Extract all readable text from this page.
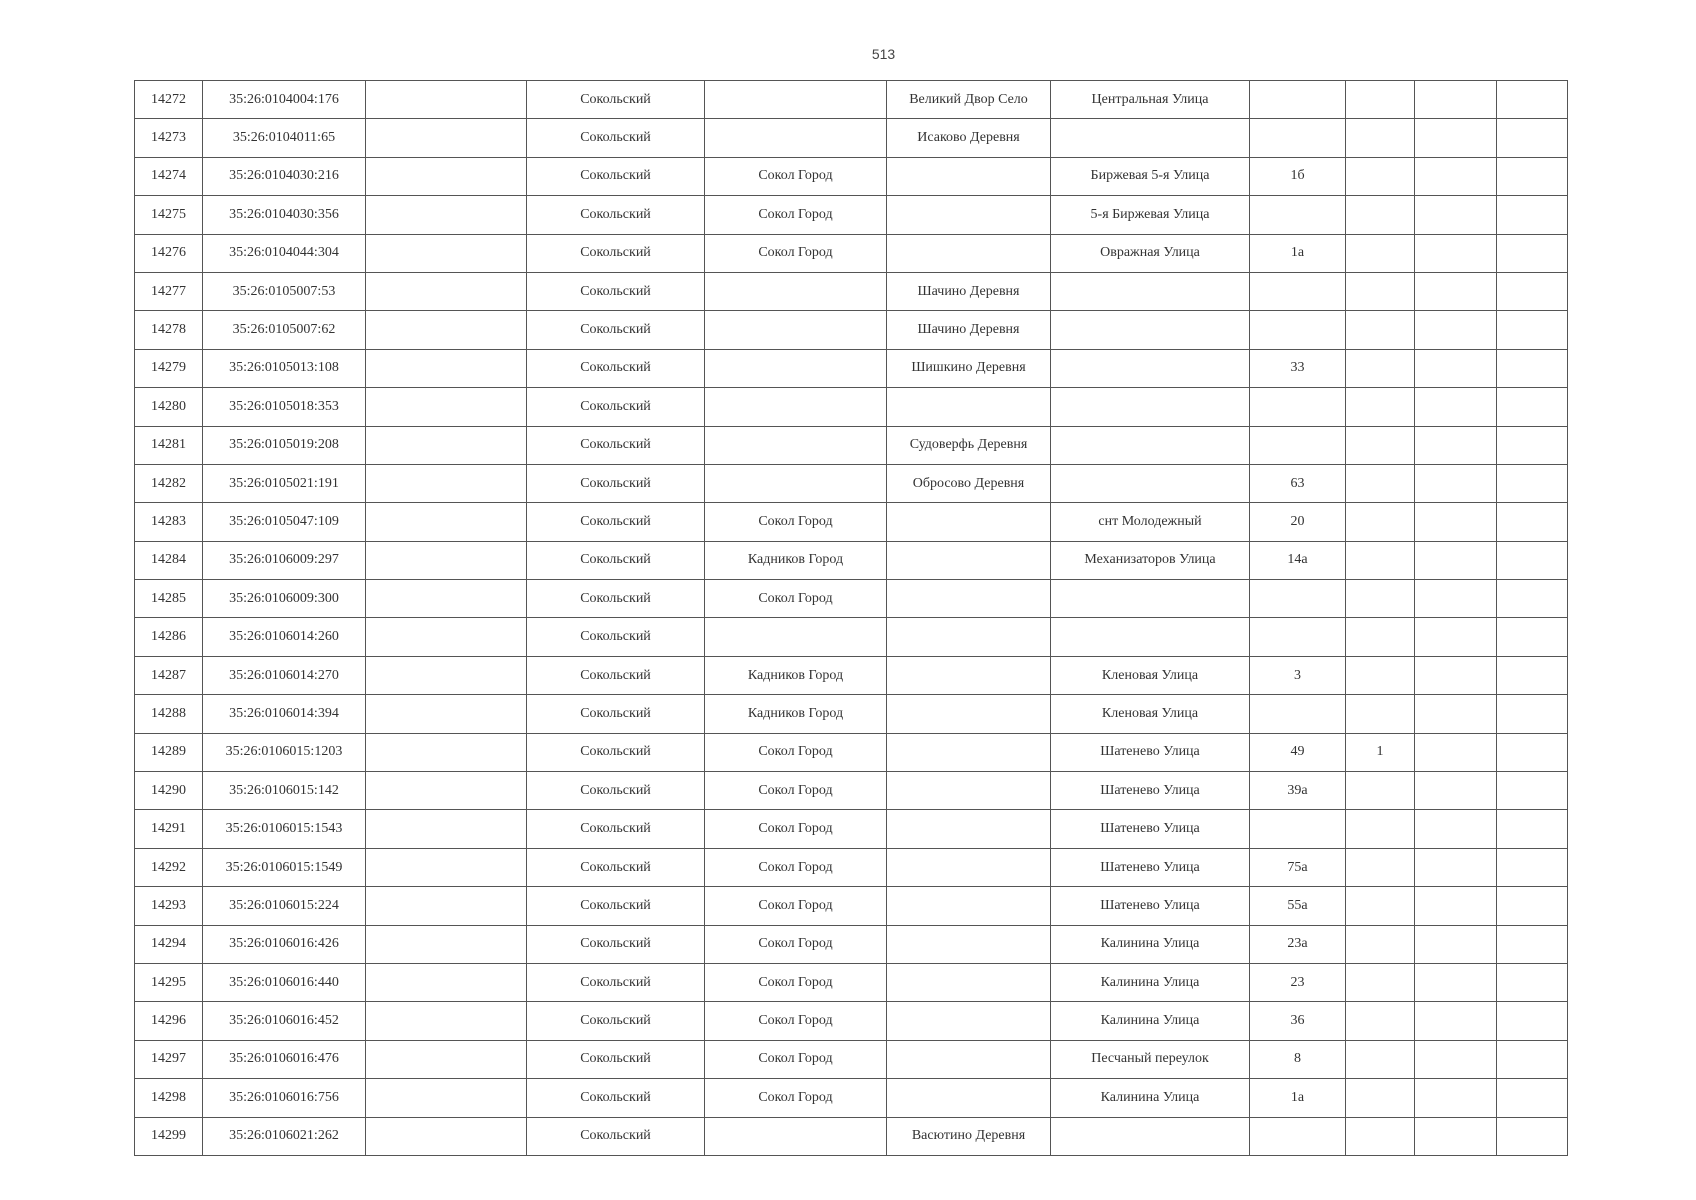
513
14272	35:26:0104004:176		Сокольский		Великий Двор Село	Центральная Улица				
14273	35:26:0104011:65		Сокольский		Исаково Деревня					
14274	35:26:0104030:216		Сокольский	Сокол Город		Биржевая 5-я Улица	1б			
14275	35:26:0104030:356		Сокольский	Сокол Город		5-я Биржевая Улица				
14276	35:26:0104044:304		Сокольский	Сокол Город		Овражная Улица	1а			
14277	35:26:0105007:53		Сокольский		Шачино Деревня					
14278	35:26:0105007:62		Сокольский		Шачино Деревня					
14279	35:26:0105013:108		Сокольский		Шишкино Деревня		33			
14280	35:26:0105018:353		Сокольский							
14281	35:26:0105019:208		Сокольский		Судоверфь Деревня					
14282	35:26:0105021:191		Сокольский		Обросово Деревня		63			
14283	35:26:0105047:109		Сокольский	Сокол Город		снт Молодежный	20			
14284	35:26:0106009:297		Сокольский	Кадников Город		Механизаторов Улица	14а			
14285	35:26:0106009:300		Сокольский	Сокол Город						
14286	35:26:0106014:260		Сокольский							
14287	35:26:0106014:270		Сокольский	Кадников Город		Кленовая Улица	3			
14288	35:26:0106014:394		Сокольский	Кадников Город		Кленовая Улица				
14289	35:26:0106015:1203		Сокольский	Сокол Город		Шатенево Улица	49	1		
14290	35:26:0106015:142		Сокольский	Сокол Город		Шатенево Улица	39а			
14291	35:26:0106015:1543		Сокольский	Сокол Город		Шатенево Улица				
14292	35:26:0106015:1549		Сокольский	Сокол Город		Шатенево Улица	75а			
14293	35:26:0106015:224		Сокольский	Сокол Город		Шатенево Улица	55а			
14294	35:26:0106016:426		Сокольский	Сокол Город		Калинина Улица	23а			
14295	35:26:0106016:440		Сокольский	Сокол Город		Калинина Улица	23			
14296	35:26:0106016:452		Сокольский	Сокол Город		Калинина Улица	36			
14297	35:26:0106016:476		Сокольский	Сокол Город		Песчаный переулок	8			
14298	35:26:0106016:756		Сокольский	Сокол Город		Калинина Улица	1а			
14299	35:26:0106021:262		Сокольский		Васютино Деревня					
